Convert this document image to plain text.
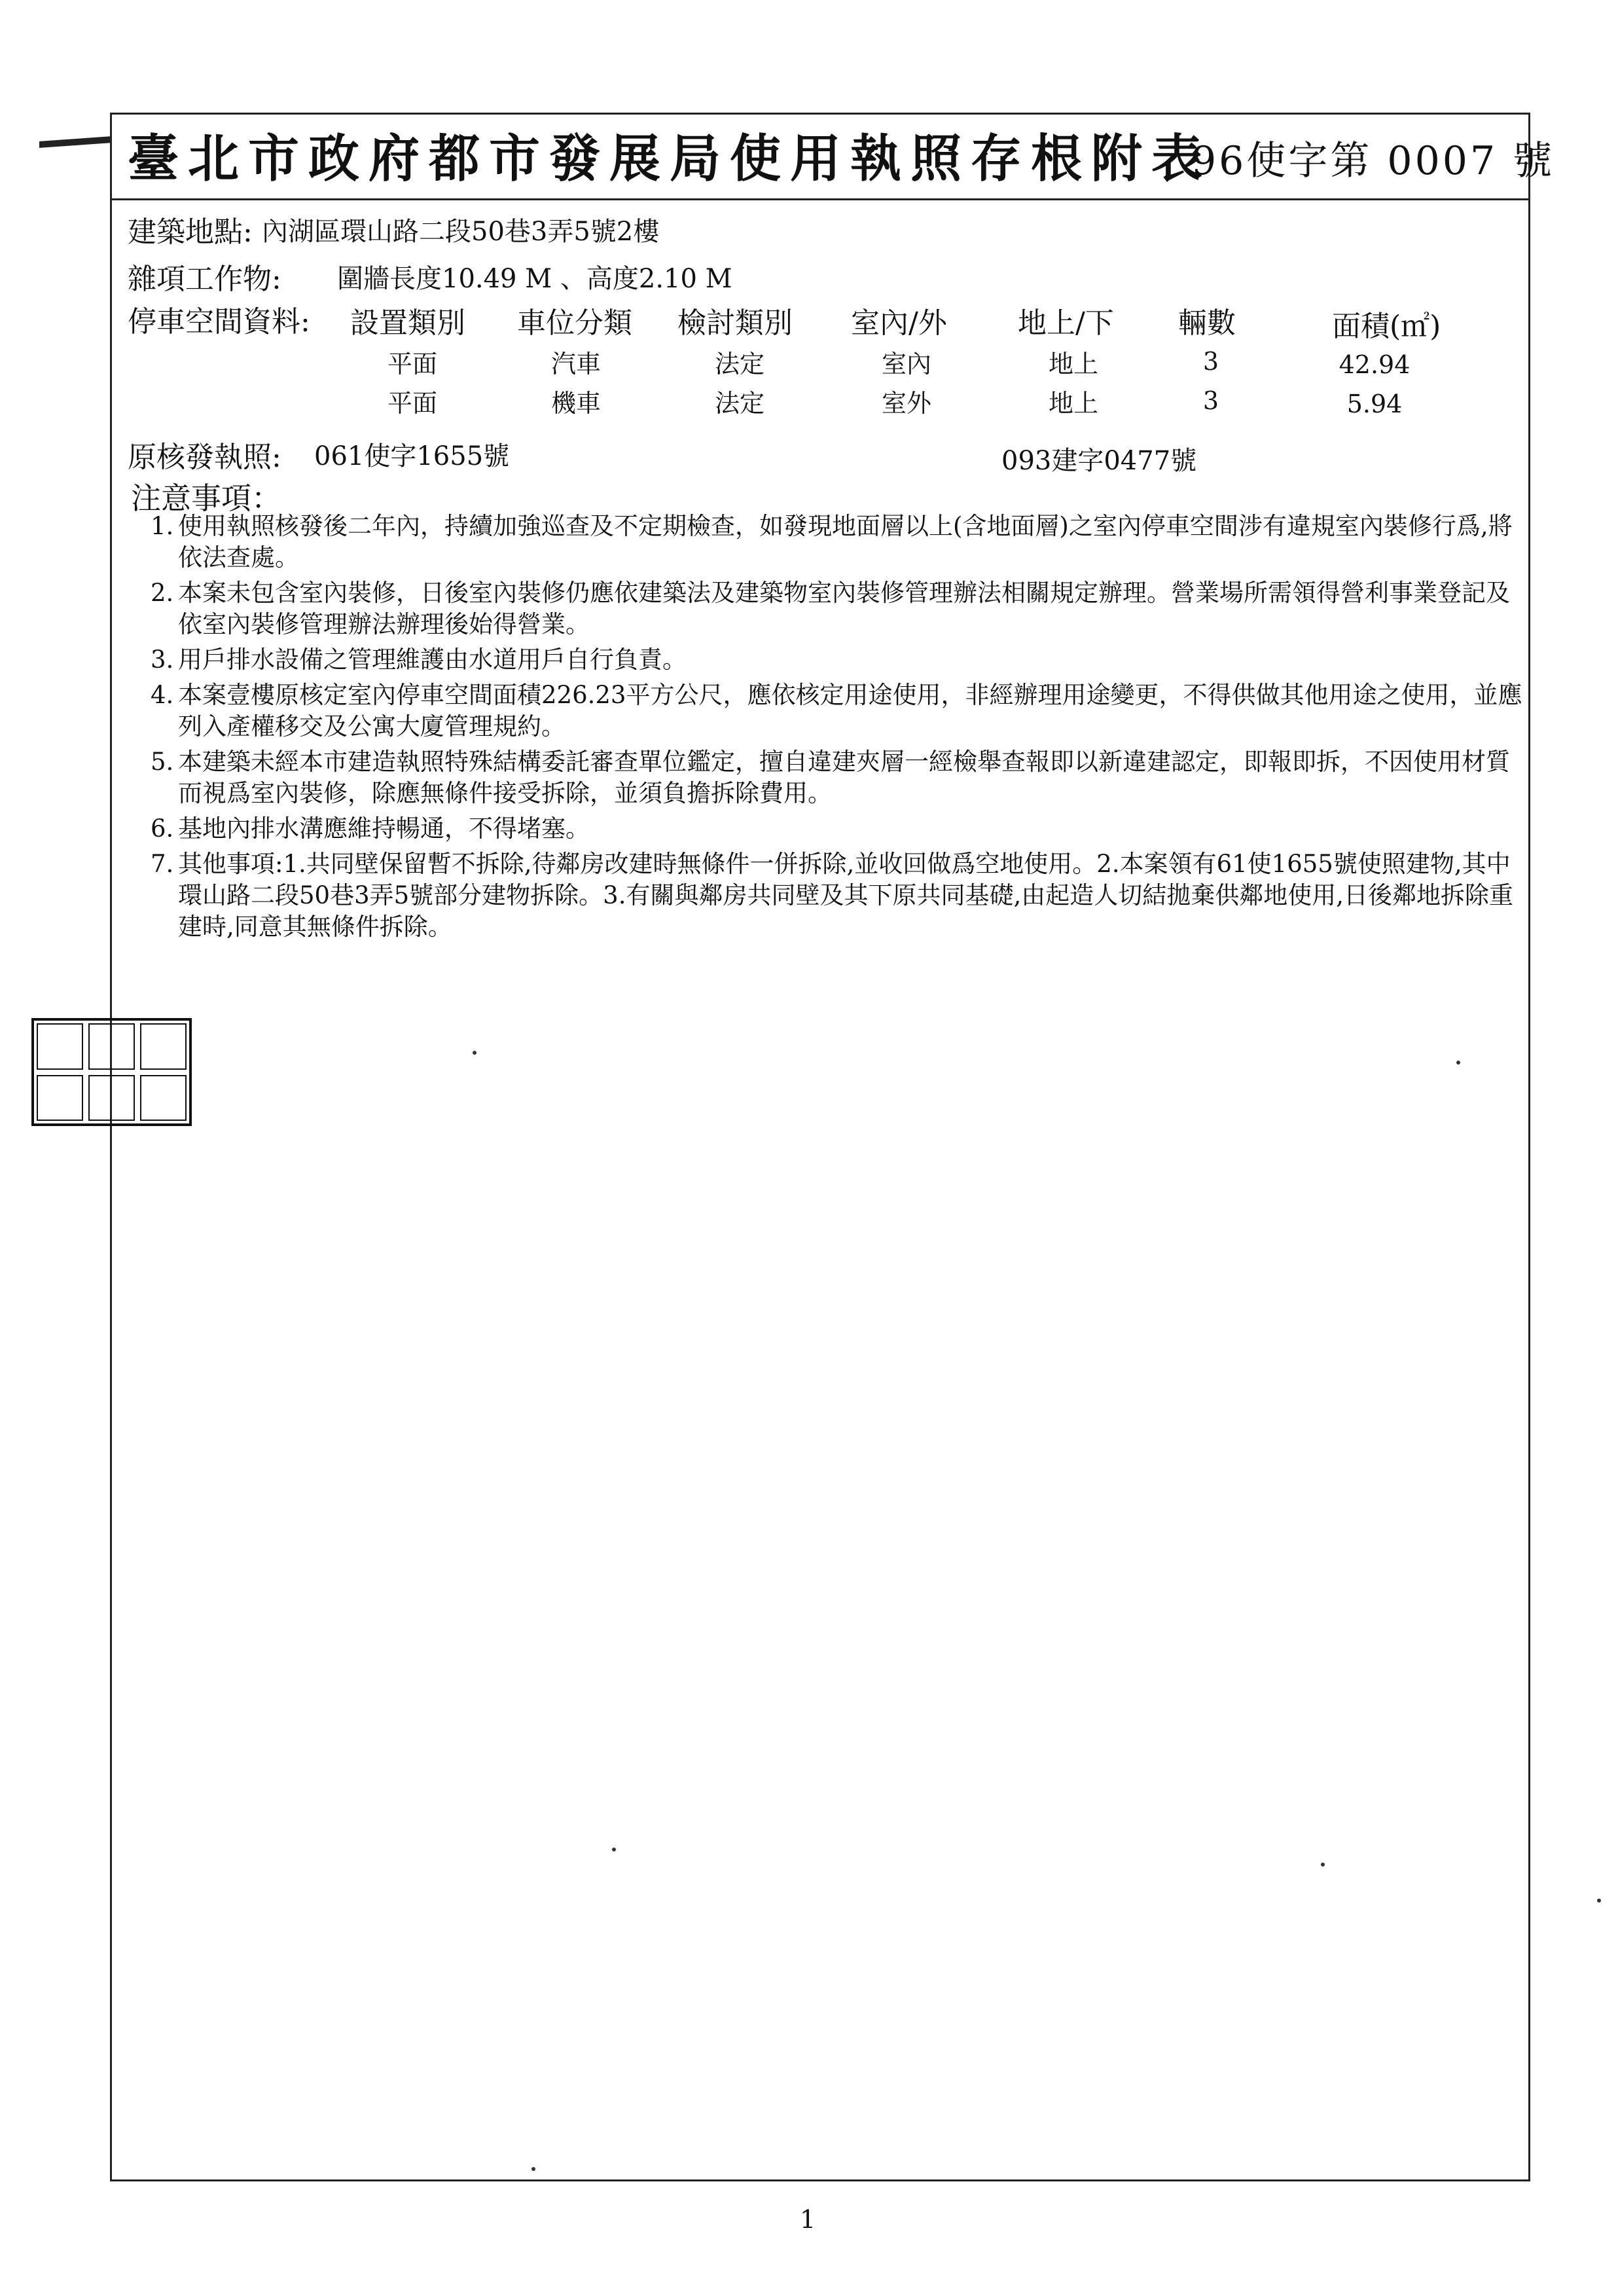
臺北市政府都市發展局使用執照存根附表
96使字第 0007 號
建築地點: 內湖區環山路二段50巷3弄5號2樓
雜項工作物: 圍牆長度10.49 M 、高度2.10 M
停車空間資料: 設置類別 車位分類 檢討類別 室內/外 地上/下 輛數	面積(㎡)
平面	汽車	法定	室內	地上	3	42.94
平面	機車	法定	室外	地上	3	5.94
原核發執照: 061使字1655號	093建字0477號
注意事項：
1. 使用執照核發後二年內，持續加強巡查及不定期檢查，如發現地面層以上(含地面層)之室內停車空間涉有違規室內裝修行爲,將依法查處。
2. 本案未包含室內裝修，日後室內裝修仍應依建築法及建築物室內裝修管理辦法相關規定辦理。營業場所需領得營利事業登記及依室內裝修管理辦法辦理後始得營業。
3. 用戶排水設備之管理維護由水道用戶自行負責。
4. 本案壹樓原核定室內停車空間面積226.23平方公尺，應依核定用途使用，非經辦理用途變更，不得供做其他用途之使用，並應列入產權移交及公寓大廈管理規約。
5. 本建築未經本市建造執照特殊結構委託審查單位鑑定，擅自違建夾層一經檢舉查報即以新違建認定，即報即拆，不因使用材質而視爲室內裝修，除應無條件接受拆除，並須負擔拆除費用。
6. 基地內排水溝應維持暢通，不得堵塞。
7. 其他事項:1.共同壁保留暫不拆除,待鄰房改建時無條件一併拆除,並收回做爲空地使用。2.本案領有61使1655號使照建物,其中環山路二段50巷3弄5號部分建物拆除。3.有關與鄰房共同壁及其下原共同基礎,由起造人切結拋棄供鄰地使用,日後鄰地拆除重建時,同意其無條件拆除。
1
